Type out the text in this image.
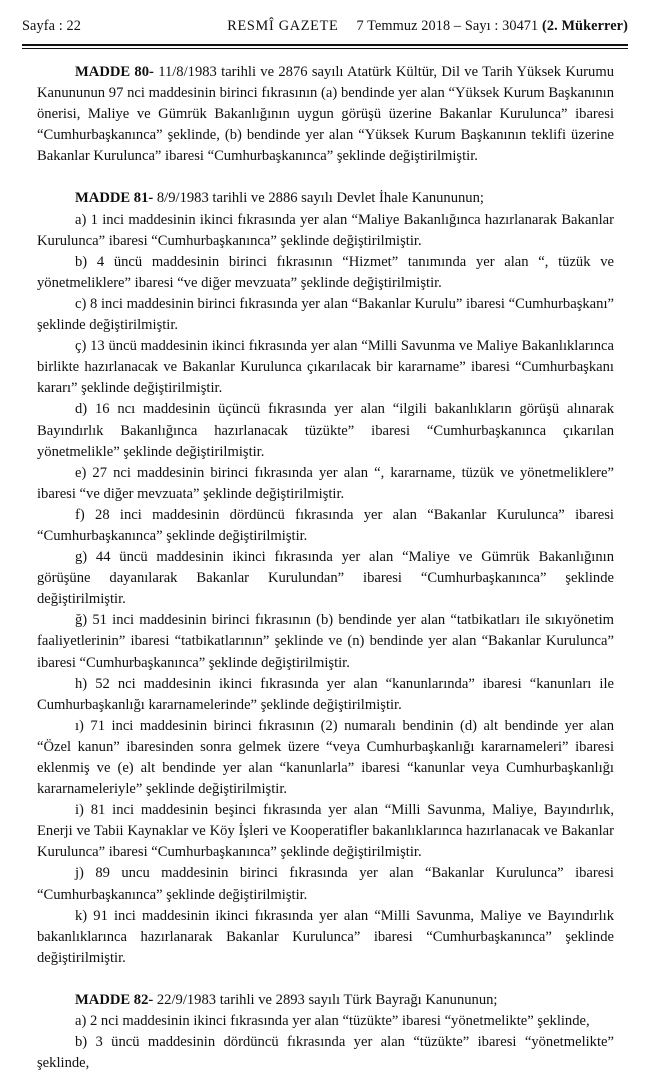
Sayfa : 22	RESMÎ GAZETE 7 Temmuz 2018 – Sayı : 30471 (2. Mükerrer)

MADDE 80- 11/8/1983 tarihli ve 2876 sayılı Atatürk Kültür, Dil ve Tarih Yüksek Kurumu Kanununun 97 nci maddesinin birinci fıkrasının (a) bendinde yer alan “Yüksek Kurum Başkanının önerisi, Maliye ve Gümrük Bakanlığının uygun görüşü üzerine Bakanlar Kurulunca” ibaresi “Cumhurbaşkanınca” şeklinde, (b) bendinde yer alan “Yüksek Kurum Başkanının teklifi üzerine Bakanlar Kurulunca” ibaresi “Cumhurbaşkanınca” şeklinde değiştirilmiştir.

MADDE 81- 8/9/1983 tarihli ve 2886 sayılı Devlet İhale Kanununun;

a) 1 inci maddesinin ikinci fıkrasında yer alan “Maliye Bakanlığınca hazırlanarak Bakanlar Kurulunca” ibaresi “Cumhurbaşkanınca” şeklinde değiştirilmiştir.

b) 4 üncü maddesinin birinci fıkrasının “Hizmet” tanımında yer alan “, tüzük ve yönetmeliklere” ibaresi “ve diğer mevzuata” şeklinde değiştirilmiştir.

c) 8 inci maddesinin birinci fıkrasında yer alan “Bakanlar Kurulu” ibaresi “Cumhurbaşkanı” şeklinde değiştirilmiştir.

ç) 13 üncü maddesinin ikinci fıkrasında yer alan “Milli Savunma ve Maliye Bakanlıklarınca birlikte hazırlanacak ve Bakanlar Kurulunca çıkarılacak bir kararname” ibaresi “Cumhurbaşkanı kararı” şeklinde değiştirilmiştir.

d) 16 ncı maddesinin üçüncü fıkrasında yer alan “ilgili bakanlıkların görüşü alınarak Bayındırlık Bakanlığınca hazırlanacak tüzükte” ibaresi “Cumhurbaşkanınca çıkarılan yönetmelikle” şeklinde değiştirilmiştir.

e) 27 nci maddesinin birinci fıkrasında yer alan “, kararname, tüzük ve yönetmeliklere” ibaresi “ve diğer mevzuata” şeklinde değiştirilmiştir.

f) 28 inci maddesinin dördüncü fıkrasında yer alan “Bakanlar Kurulunca” ibaresi “Cumhurbaşkanınca” şeklinde değiştirilmiştir.

g) 44 üncü maddesinin ikinci fıkrasında yer alan “Maliye ve Gümrük Bakanlığının görüşüne dayanılarak Bakanlar Kurulundan” ibaresi “Cumhurbaşkanınca” şeklinde değiştirilmiştir.

ğ) 51 inci maddesinin birinci fıkrasının (b) bendinde yer alan “tatbikatları ile sıkıyönetim faaliyetlerinin” ibaresi “tatbikatlarının” şeklinde ve (n) bendinde yer alan “Bakanlar Kurulunca” ibaresi “Cumhurbaşkanınca” şeklinde değiştirilmiştir.

h) 52 nci maddesinin ikinci fıkrasında yer alan “kanunlarında” ibaresi “kanunları ile Cumhurbaşkanlığı kararnamelerinde” şeklinde değiştirilmiştir.

ı) 71 inci maddesinin birinci fıkrasının (2) numaralı bendinin (d) alt bendinde yer alan “Özel kanun” ibaresinden sonra gelmek üzere “veya Cumhurbaşkanlığı kararnameleri” ibaresi eklenmiş ve (e) alt bendinde yer alan “kanunlarla” ibaresi “kanunlar veya Cumhurbaşkanlığı kararnameleriyle” şeklinde değiştirilmiştir.

i) 81 inci maddesinin beşinci fıkrasında yer alan “Milli Savunma, Maliye, Bayındırlık, Enerji ve Tabii Kaynaklar ve Köy İşleri ve Kooperatifler bakanlıklarınca hazırlanacak ve Bakanlar Kurulunca” ibaresi “Cumhurbaşkanınca” şeklinde değiştirilmiştir.

j) 89 uncu maddesinin birinci fıkrasında yer alan “Bakanlar Kurulunca” ibaresi “Cumhurbaşkanınca” şeklinde değiştirilmiştir.

k) 91 inci maddesinin ikinci fıkrasında yer alan “Milli Savunma, Maliye ve Bayındırlık bakanlıklarınca hazırlanarak Bakanlar Kurulunca” ibaresi “Cumhurbaşkanınca” şeklinde değiştirilmiştir.

MADDE 82- 22/9/1983 tarihli ve 2893 sayılı Türk Bayrağı Kanununun;

a) 2 nci maddesinin ikinci fıkrasında yer alan “tüzükte” ibaresi “yönetmelikte” şeklinde,

b) 3 üncü maddesinin dördüncü fıkrasında yer alan “tüzükte” ibaresi “yönetmelikte” şeklinde,
